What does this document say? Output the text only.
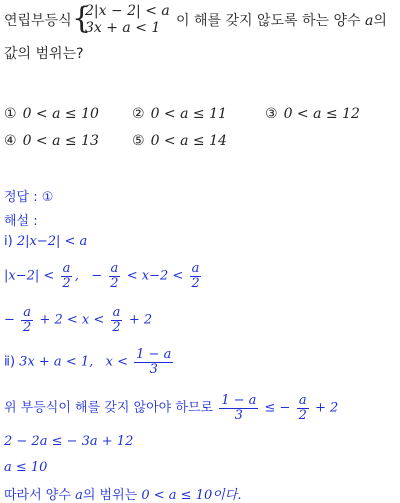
연립부등식 {
2|x − 2| < a
3x + a < 1 이 해를 갖지 않도록 하는 양수 a의
값의 범위는?
① 0 < a ≤ 10 ② 0 < a ≤ 11	③ 0 < a ≤ 12
④ 0 < a ≤ 13 ⑤ 0 < a ≤ 14
정답 : ①
해설 :
ⅰ) 2|x−2| < a
$|x-2| < \frac{a}{2}$ , − $\frac{a}{2} < x-2 < \frac{a}{2}$
− $\frac{a}{2} + 2 < x < \frac{a}{2} + 2$
ⅱ) 3x + a < 1, $x < \frac{1 - a}{3}$
위 부등식이 해를 갖지 않아야 하므로 $\frac{1 - a}{3}$ ≤ − $\frac{a}{2} + 2$
2 − 2a ≤ − 3a + 12
a ≤ 10
따라서 양수 a의 범위는 0 < a ≤ 10이다.
